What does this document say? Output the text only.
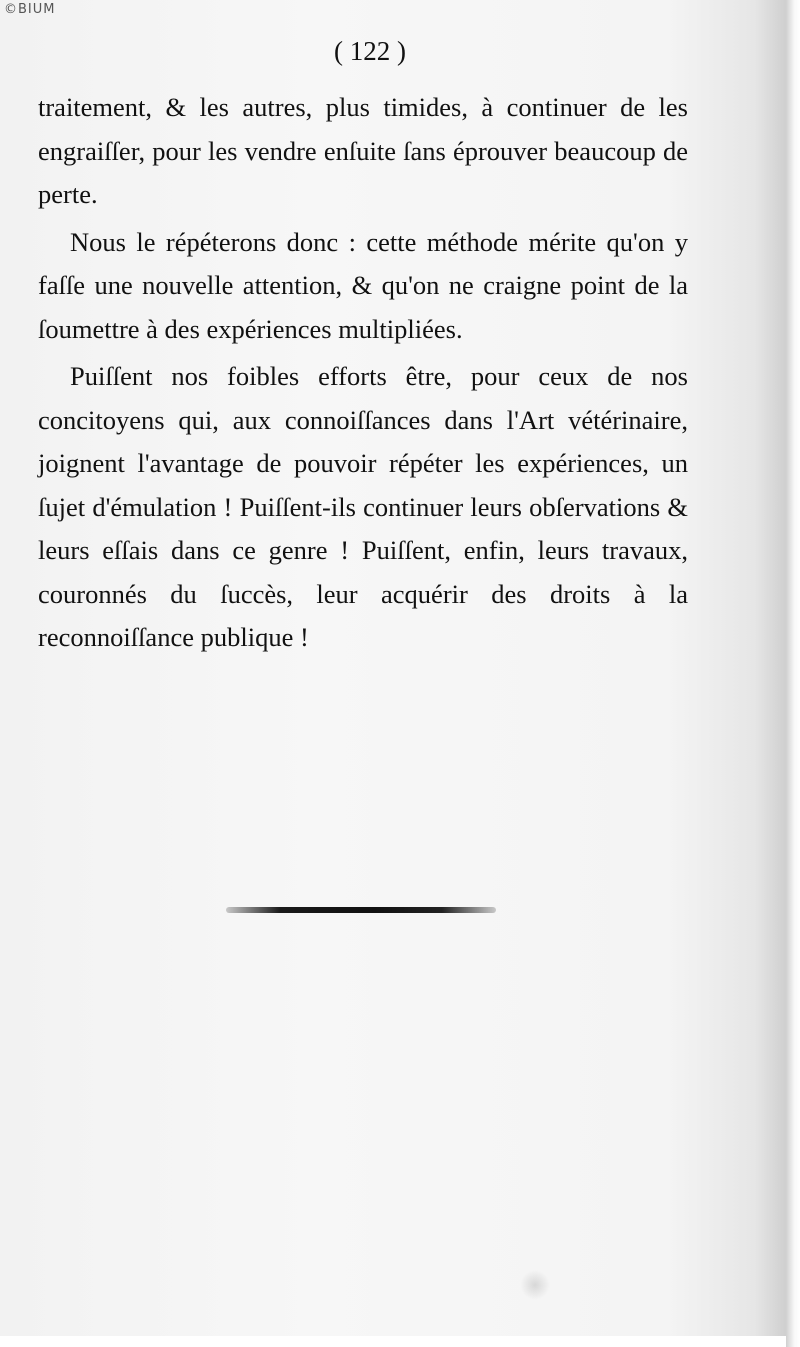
©BIUM
( 122 )

traitement, & les autres, plus timides, à continuer de les engraiſſer, pour les vendre enſuite ſans éprouver beaucoup de perte.

Nous le répéterons donc : cette méthode mérite qu'on y faſſe une nouvelle attention, & qu'on ne craigne point de la ſoumettre à des expériences multipliées.

Puiſſent nos foibles efforts être, pour ceux de nos concitoyens qui, aux connoiſſances dans l'Art vétérinaire, joignent l'avantage de pouvoir répéter les expériences, un ſujet d'émulation ! Puiſſent-ils continuer leurs obſervations & leurs eſſais dans ce genre ! Puiſſent, enfin, leurs travaux, couronnés du ſuccès, leur acquérir des droits à la reconnoiſſance publique !
